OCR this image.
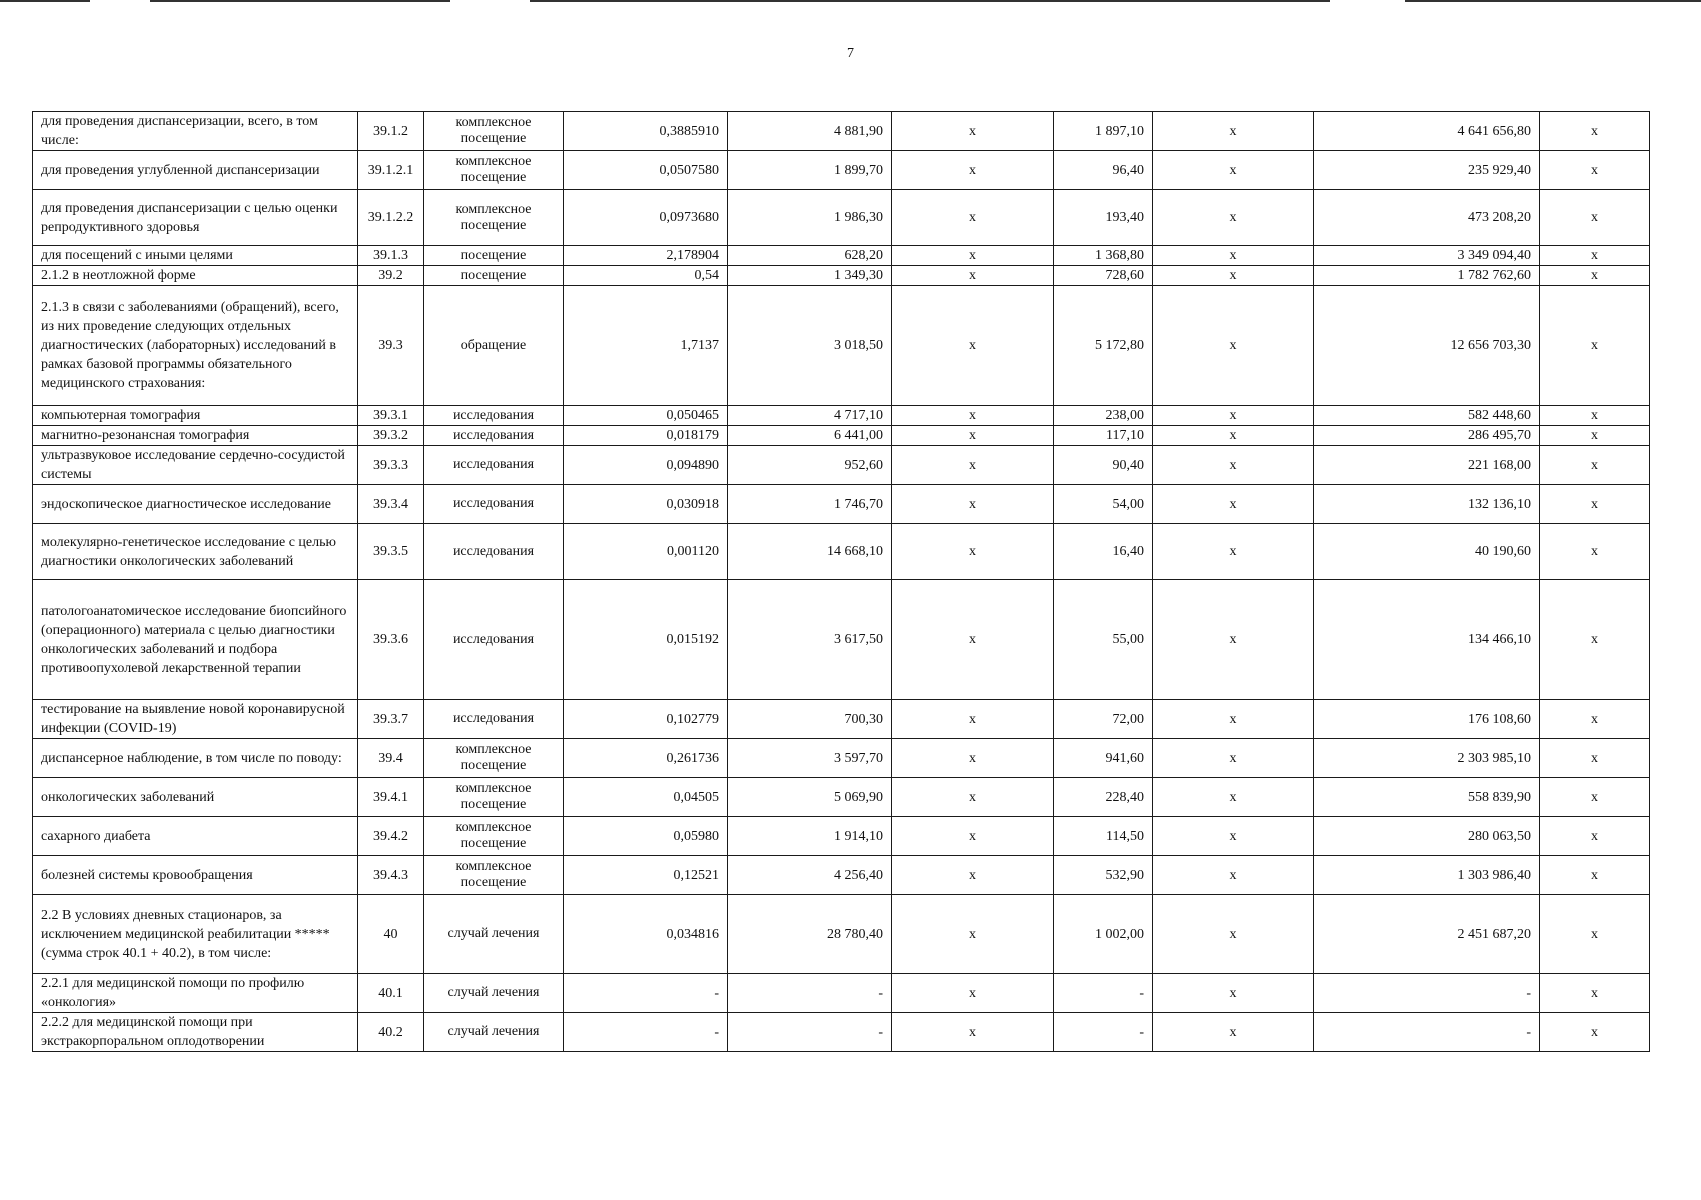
7
для проведения диспансеризации, всего, в том числе:	39.1.2	комплексное посещение	0,3885910	4 881,90	х	1 897,10	х	4 641 656,80	х
для проведения углубленной диспансеризации	39.1.2.1	комплексное посещение	0,0507580	1 899,70	х	96,40	х	235 929,40	х
для проведения диспансеризации с целью оценки репродуктивного здоровья	39.1.2.2	комплексное посещение	0,0973680	1 986,30	х	193,40	х	473 208,20	х
для посещений с иными целями	39.1.3	посещение	2,178904	628,20	х	1 368,80	х	3 349 094,40	х
2.1.2 в неотложной форме	39.2	посещение	0,54	1 349,30	х	728,60	х	1 782 762,60	х
2.1.3 в связи с заболеваниями (обращений), всего, из них проведение следующих отдельных диагностических (лабораторных) исследований в рамках базовой программы обязательного медицинского страхования:	39.3	обращение	1,7137	3 018,50	х	5 172,80	х	12 656 703,30	х
компьютерная томография	39.3.1	исследования	0,050465	4 717,10	х	238,00	х	582 448,60	х
магнитно-резонансная томография	39.3.2	исследования	0,018179	6 441,00	х	117,10	х	286 495,70	х
ультразвуковое исследование сердечно-сосудистой системы	39.3.3	исследования	0,094890	952,60	х	90,40	х	221 168,00	х
эндоскопическое диагностическое исследование	39.3.4	исследования	0,030918	1 746,70	х	54,00	х	132 136,10	х
молекулярно-генетическое исследование с целью диагностики онкологических заболеваний	39.3.5	исследования	0,001120	14 668,10	х	16,40	х	40 190,60	х
патологоанатомическое исследование биопсийного (операционного) материала с целью диагностики онкологических заболеваний и подбора противоопухолевой лекарственной терапии	39.3.6	исследования	0,015192	3 617,50	х	55,00	х	134 466,10	х
тестирование на выявление новой коронавирусной инфекции (COVID-19)	39.3.7	исследования	0,102779	700,30	х	72,00	х	176 108,60	х
диспансерное наблюдение, в том числе по поводу:	39.4	комплексное посещение	0,261736	3 597,70	х	941,60	х	2 303 985,10	х
онкологических заболеваний	39.4.1	комплексное посещение	0,04505	5 069,90	х	228,40	х	558 839,90	х
сахарного диабета	39.4.2	комплексное посещение	0,05980	1 914,10	х	114,50	х	280 063,50	х
болезней системы кровообращения	39.4.3	комплексное посещение	0,12521	4 256,40	х	532,90	х	1 303 986,40	х
2.2 В условиях дневных стационаров, за исключением медицинской реабилитации ***** (сумма строк 40.1 + 40.2), в том числе:	40	случай лечения	0,034816	28 780,40	х	1 002,00	х	2 451 687,20	х
2.2.1 для медицинской помощи по профилю «онкология»	40.1	случай лечения	-	-	х	-	х	-	х
2.2.2 для медицинской помощи при экстракорпоральном оплодотворении	40.2	случай лечения	-	-	х	-	х	-	х
